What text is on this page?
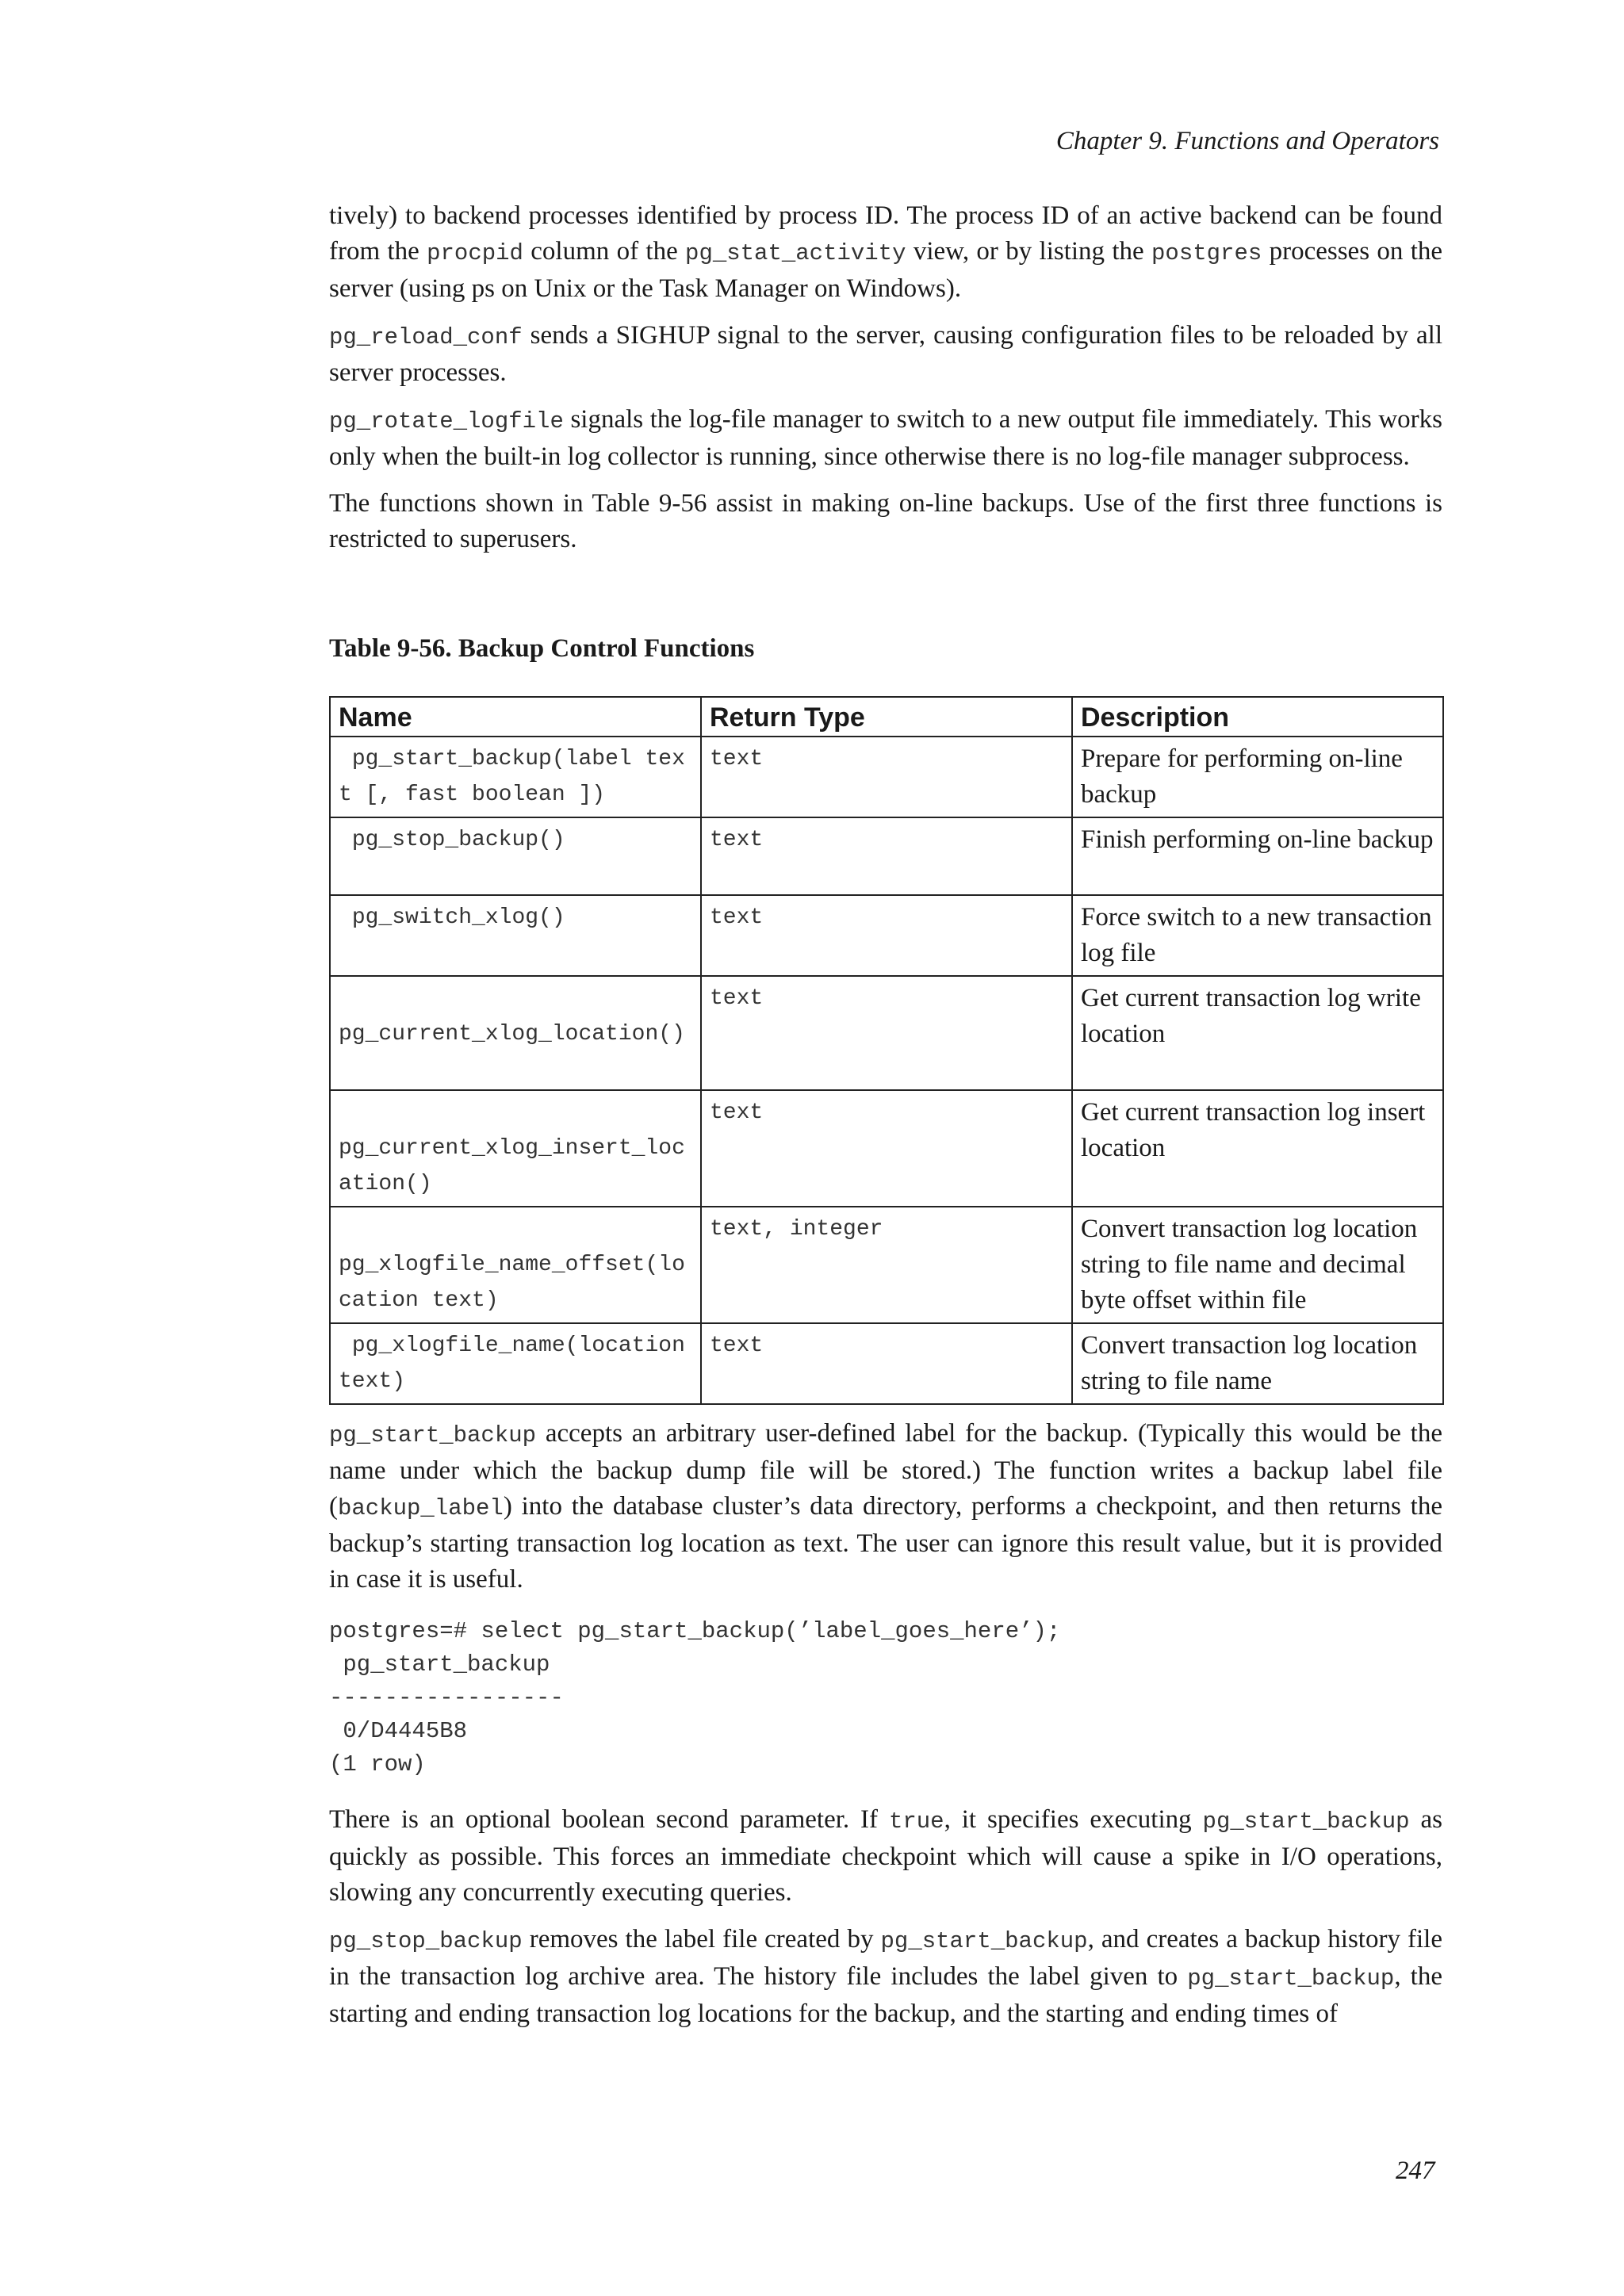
Chapter 9. Functions and Operators

tively) to backend processes identified by process ID. The process ID of an active backend can be found from the procpid column of the pg_stat_activity view, or by listing the postgres processes on the server (using ps on Unix or the Task Manager on Windows).

pg_reload_conf sends a SIGHUP signal to the server, causing configuration files to be reloaded by all server processes.

pg_rotate_logfile signals the log-file manager to switch to a new output file immediately. This works only when the built-in log collector is running, since otherwise there is no log-file manager subprocess.

The functions shown in Table 9-56 assist in making on-line backups. Use of the first three functions is restricted to superusers.

Table 9-56. Backup Control Functions
Name	Return Type	Description
pg_start_backup(label text [, fast boolean ])	text	Prepare for performing on-line backup
pg_stop_backup()	text	Finish performing on-line backup
pg_switch_xlog()	text	Force switch to a new transaction log file

pg_current_xlog_location()	text	Get current transaction log write location

pg_current_xlog_insert_location()	text	Get current transaction log insert location

pg_xlogfile_name_offset(location text)	text, integer	Convert transaction log location string to file name and decimal byte offset within file
pg_xlogfile_name(location text)	text	Convert transaction log location string to file name

pg_start_backup accepts an arbitrary user-defined label for the backup. (Typically this would be the name under which the backup dump file will be stored.) The function writes a backup label file (backup_label) into the database cluster’s data directory, performs a checkpoint, and then returns the backup’s starting transaction log location as text. The user can ignore this result value, but it is provided in case it is useful.

postgres=# select pg_start_backup(’label_goes_here’);
pg_start_backup
-----------------
0/D4445B8
(1 row)

There is an optional boolean second parameter. If true, it specifies executing pg_start_backup as quickly as possible. This forces an immediate checkpoint which will cause a spike in I/O operations, slowing any concurrently executing queries.

pg_stop_backup removes the label file created by pg_start_backup, and creates a backup history file in the transaction log archive area. The history file includes the label given to pg_start_backup, the starting and ending transaction log locations for the backup, and the starting and ending times of

247
